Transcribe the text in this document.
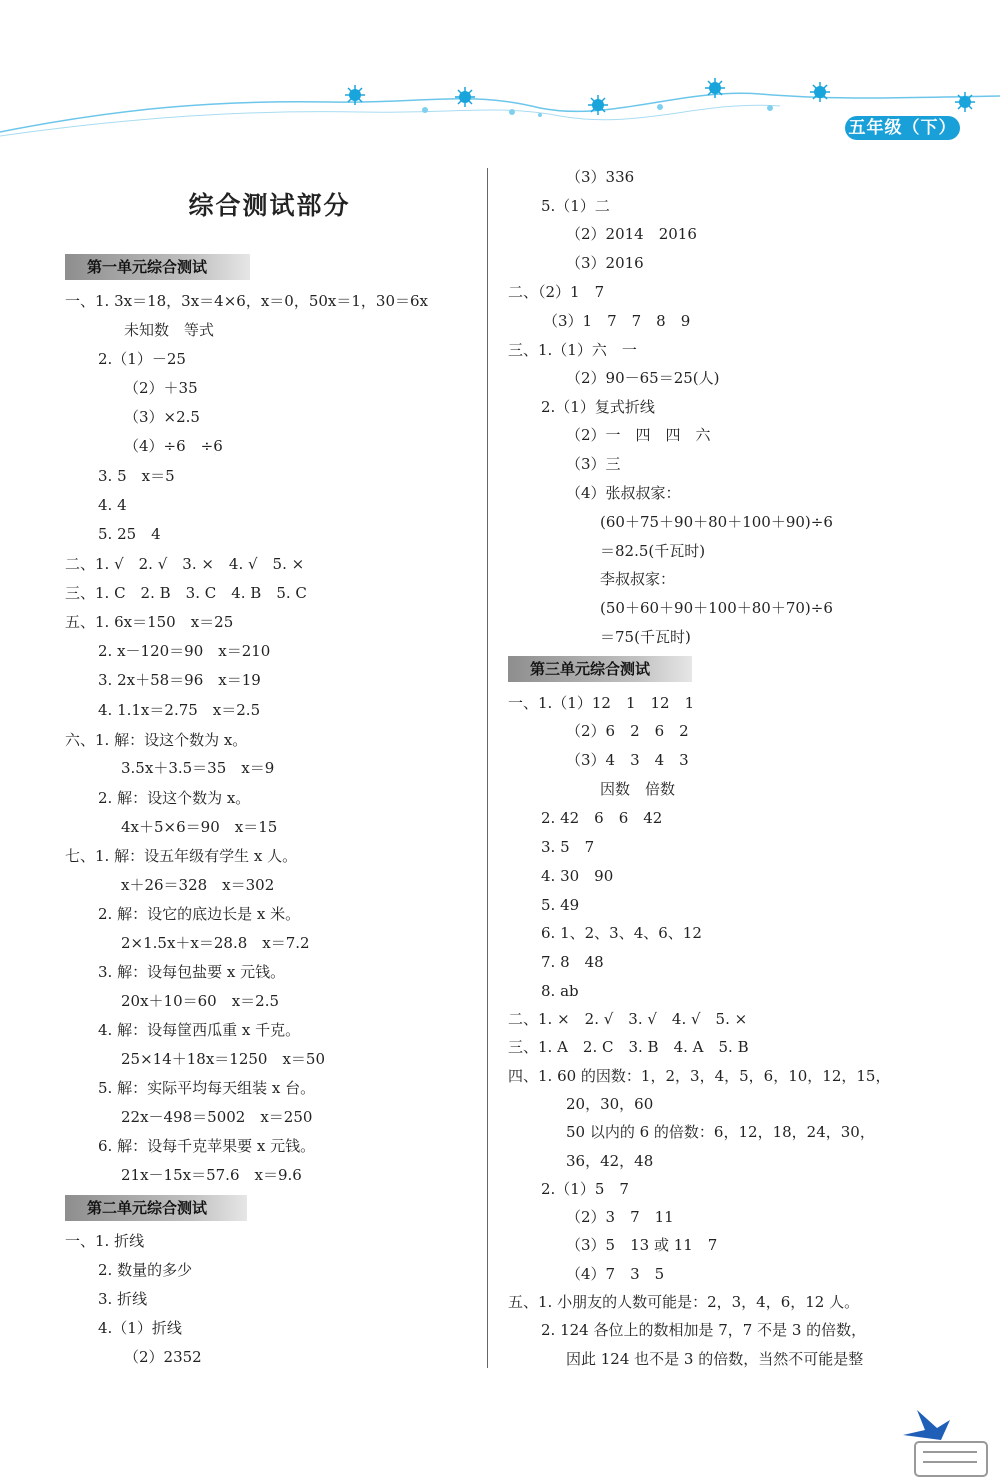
五年级（下）
综合测试部分
第一单元综合测试
第二单元综合测试
第三单元综合测试
一、1. 3x＝18，3x＝4×6，x＝0，50x＝1，30＝6x
未知数　等式
2.（1）－25
（2）＋35
（3）×2.5
（4）÷6　÷6
3. 5　x＝5
4. 4
5. 25　4
二、1. √　2. √　3. ×　4. √　5. ×
三、1. C　2. B　3. C　4. B　5. C
五、1. 6x＝150　x＝25
2. x－120＝90　x＝210
3. 2x＋58＝96　x＝19
4. 1.1x＝2.75　x＝2.5
六、1. 解：设这个数为 x。
3.5x＋3.5＝35　x＝9
2. 解：设这个数为 x。
4x＋5×6＝90　x＝15
七、1. 解：设五年级有学生 x 人。
x＋26＝328　x＝302
2. 解：设它的底边长是 x 米。
2×1.5x＋x＝28.8　x＝7.2
3. 解：设每包盐要 x 元钱。
20x＋10＝60　x＝2.5
4. 解：设每筐西瓜重 x 千克。
25×14＋18x＝1250　x＝50
5. 解：实际平均每天组装 x 台。
22x－498＝5002　x＝250
6. 解：设每千克苹果要 x 元钱。
21x－15x＝57.6　x＝9.6
一、1. 折线
2. 数量的多少
3. 折线
4.（1）折线
（2）2352
（3）336
5.（1）二
（2）2014　2016
（3）2016
二、（2）1　7
（3）1　7　7　8　9
三、1.（1）六　一
（2）90－65＝25(人)
2.（1）复式折线
（2）一　四　四　六
（3）三
（4）张叔叔家：
(60＋75＋90＋80＋100＋90)÷6
＝82.5(千瓦时)
李叔叔家：
(50＋60＋90＋100＋80＋70)÷6
＝75(千瓦时)
一、1.（1）12　1　12　1
（2）6　2　6　2
（3）4　3　4　3
因数　倍数
2. 42　6　6　42
3. 5　7
4. 30　90
5. 49
6. 1、2、3、4、6、12
7. 8　48
8. ab
二、1. ×　2. √　3. √　4. √　5. ×
三、1. A　2. C　3. B　4. A　5. B
四、1. 60 的因数：1，2，3，4，5，6，10，12，15，
20，30，60
50 以内的 6 的倍数：6，12，18，24，30，
36，42，48
2.（1）5　7
（2）3　7　11
（3）5　13 或 11　7
（4）7　3　5
五、1. 小朋友的人数可能是：2，3，4，6，12 人。
2. 124 各位上的数相加是 7，7 不是 3 的倍数，
因此 124 也不是 3 的倍数，当然不可能是整
